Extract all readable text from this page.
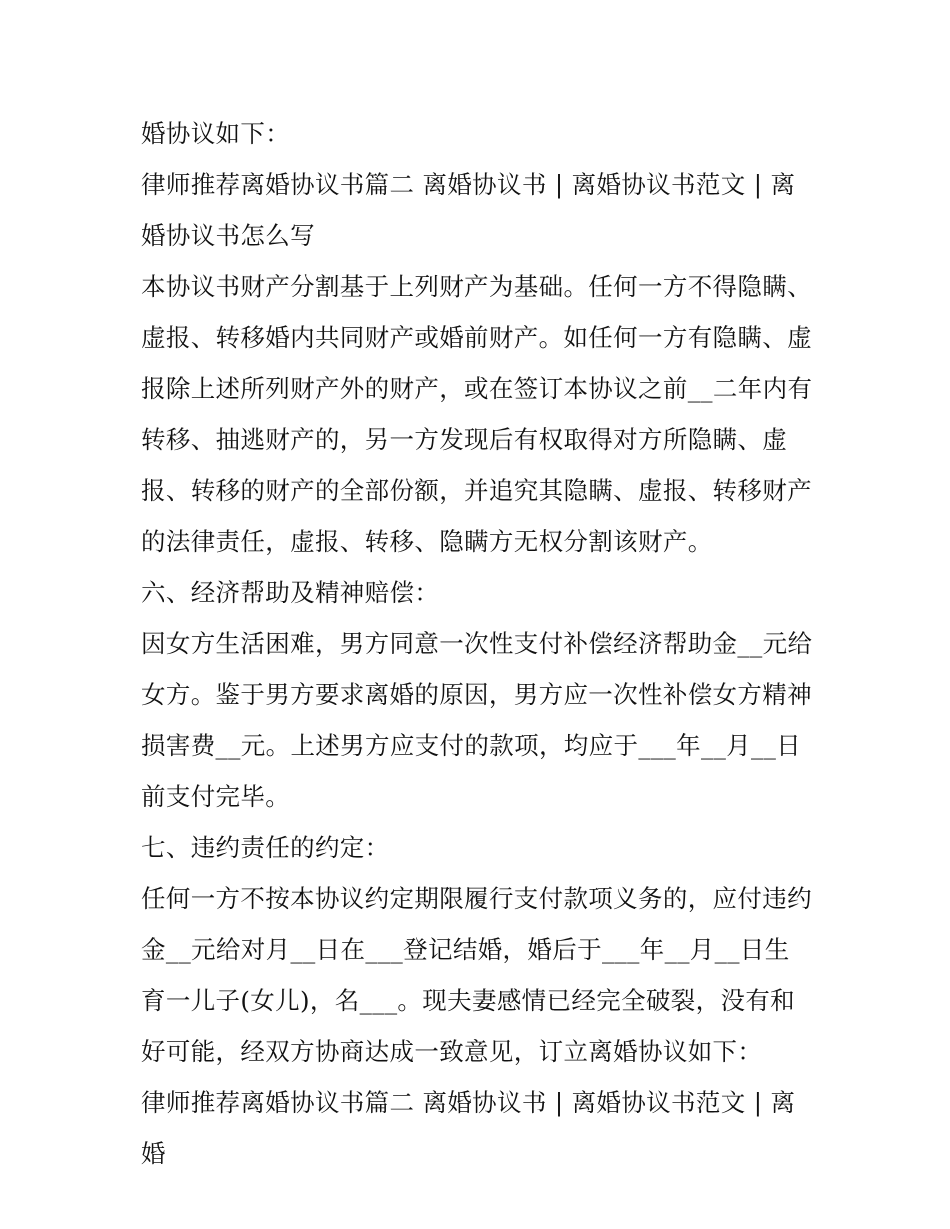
婚协议如下：

律师推荐离婚协议书篇二 离婚协议书 | 离婚协议书范文 | 离婚协议书怎么写

本协议书财产分割基于上列财产为基础。任何一方不得隐瞒、虚报、转移婚内共同财产或婚前财产。如任何一方有隐瞒、虚报除上述所列财产外的财产，或在签订本协议之前__二年内有转移、抽逃财产的，另一方发现后有权取得对方所隐瞒、虚报、转移的财产的全部份额，并追究其隐瞒、虚报、转移财产的法律责任，虚报、转移、隐瞒方无权分割该财产。

六、经济帮助及精神赔偿：

因女方生活困难，男方同意一次性支付补偿经济帮助金__元给女方。鉴于男方要求离婚的原因，男方应一次性补偿女方精神损害费__元。上述男方应支付的款项，均应于___年__月__日前支付完毕。

七、违约责任的约定：

任何一方不按本协议约定期限履行支付款项义务的，应付违约金__元给对月__日在___登记结婚，婚后于___年__月__日生育一儿子(女儿)，名___。现夫妻感情已经完全破裂，没有和好可能，经双方协商达成一致意见，订立离婚协议如下：

律师推荐离婚协议书篇二 离婚协议书 | 离婚协议书范文 | 离婚
